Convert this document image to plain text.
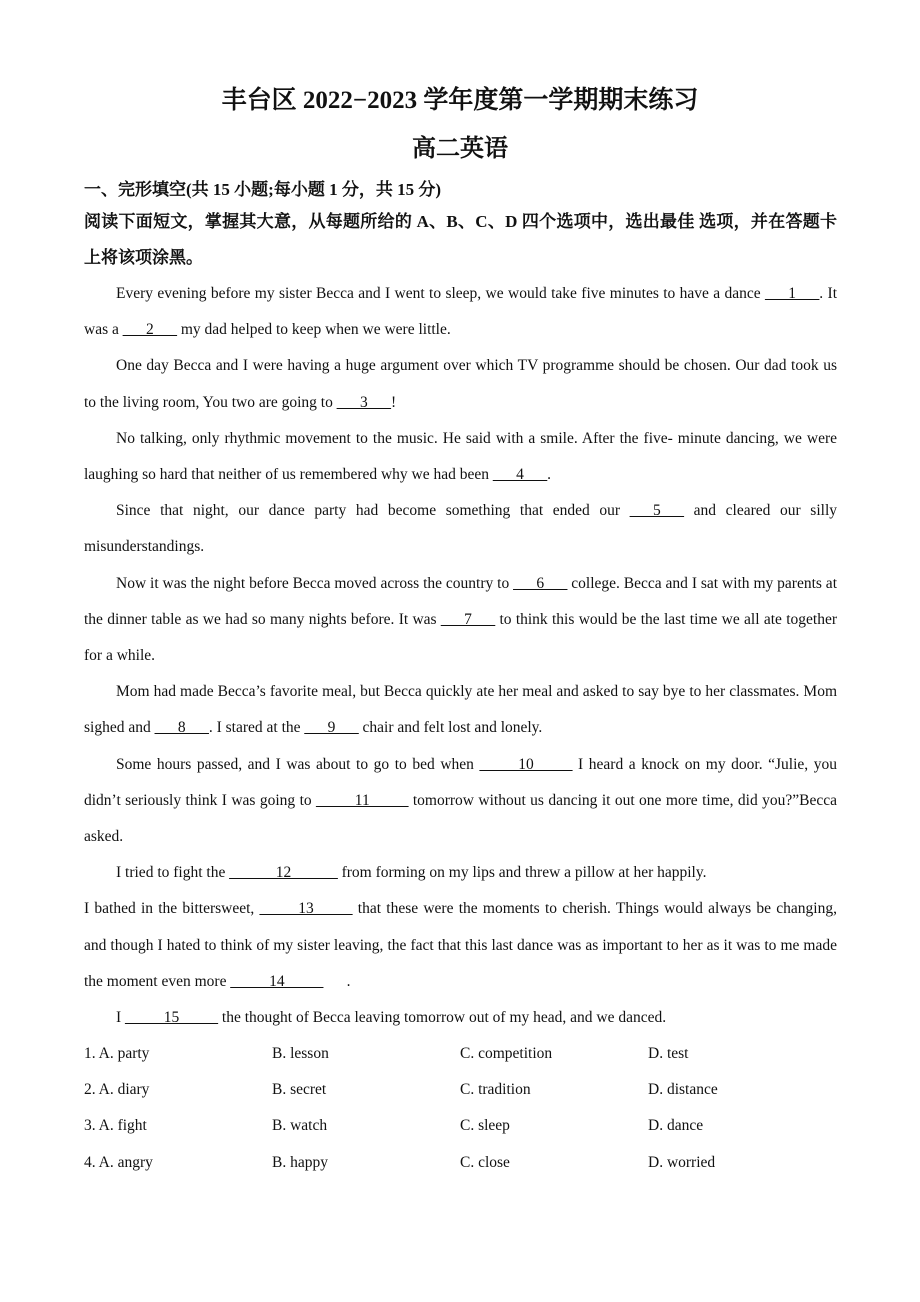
丰台区 2022−2023 学年度第一学期期末练习
高二英语
一、完形填空(共 15 小题;每小题 1 分，共 15 分)
阅读下面短文，掌握其大意，从每题所给的 A、B、C、D 四个选项中，选出最佳 选项，并在答题卡上将该项涂黑。

Every evening before my sister Becca and I went to sleep, we would take five minutes to have a dance ___1___. It was a ___2___ my dad helped to keep when we were little.

One day Becca and I were having a huge argument over which TV programme should be chosen. Our dad took us to the living room, You two are going to ___3___!

No talking, only rhythmic movement to the music. He said with a smile. After the five- minute dancing, we were laughing so hard that neither of us remembered why we had been ___4___.

Since that night, our dance party had become something that ended our ___5___ and cleared our silly misunderstandings.

Now it was the night before Becca moved across the country to ___6___ college. Becca and I sat with my parents at the dinner table as we had so many nights before. It was ___7___ to think this would be the last time we all ate together for a while.

Mom had made Becca’s favorite meal, but Becca quickly ate her meal and asked to say bye to her classmates. Mom sighed and ___8___. I stared at the ___9___ chair and felt lost and lonely.

Some hours passed, and I was about to go to bed when _____10_____ I heard a knock on my door. “Julie, you didn’t seriously think I was going to _____11_____ tomorrow without us dancing it out one more time, did you?”Becca asked.

I tried to fight the ______12______ from forming on my lips and threw a pillow at her happily.

I bathed in the bittersweet, _____13_____ that these were the moments to cherish. Things would always be changing, and though I hated to think of my sister leaving, the fact that this last dance was as important to her as it was to me made the moment even more _____14_____      .

I _____15_____ the thought of Becca leaving tomorrow out of my head, and we danced.

1. A. party	B. lesson	C. competition	D. test
2. A. diary	B. secret	C. tradition	D. distance
3. A. fight	B. watch	C. sleep	D. dance
4. A. angry	B. happy	C. close	D. worried
